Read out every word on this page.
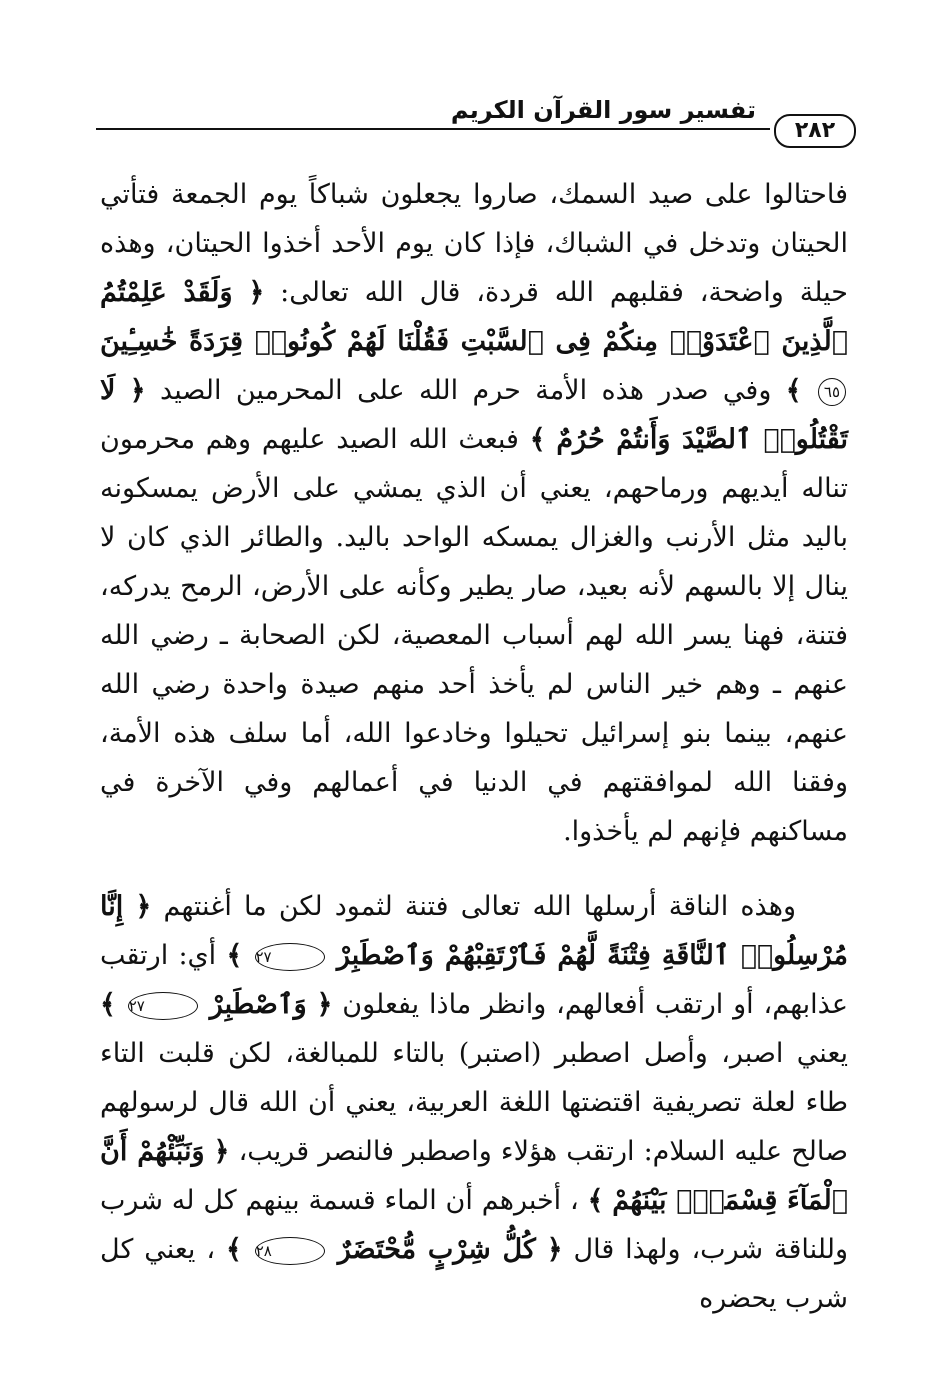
تفسير سور القرآن الكريم
٢٨٢

فاحتالوا على صيد السمك، صاروا يجعلون شباكاً يوم الجمعة فتأتي الحيتان وتدخل في الشباك، فإذا كان يوم الأحد أخذوا الحيتان، وهذه حيلة واضحة، فقلبهم الله قردة، قال الله تعالى: ﴿ وَلَقَدْ عَلِمْتُمُ ٱلَّذِينَ ٱعْتَدَوْا۟ مِنكُمْ فِى ٱلسَّبْتِ فَقُلْنَا لَهُمْ كُونُوا۟ قِرَدَةً خَٰسِـِٔينَ ٦٥ ﴾ وفي صدر هذه الأمة حرم الله على المحرمين الصيد ﴿ لَا تَقْتُلُوا۟ ٱلصَّيْدَ وَأَنتُمْ حُرُمٌ ﴾ فبعث الله الصيد عليهم وهم محرمون تناله أيديهم ورماحهم، يعني أن الذي يمشي على الأرض يمسكونه باليد مثل الأرنب والغزال يمسكه الواحد باليد. والطائر الذي كان لا ينال إلا بالسهم لأنه بعيد، صار يطير وكأنه على الأرض، الرمح يدركه، فتنة، فهنا يسر الله لهم أسباب المعصية، لكن الصحابة ـ رضي الله عنهم ـ وهم خير الناس لم يأخذ أحد منهم صيدة واحدة رضي الله عنهم، بينما بنو إسرائيل تحيلوا وخادعوا الله، أما سلف هذه الأمة، وفقنا الله لموافقتهم في الدنيا في أعمالهم وفي الآخرة في مساكنهم فإنهم لم يأخذوا.

وهذه الناقة أرسلها الله تعالى فتنة لثمود لكن ما أغنتهم ﴿ إِنَّا مُرْسِلُوا۟ ٱلنَّاقَةِ فِتْنَةً لَّهُمْ فَٱرْتَقِبْهُمْ وَٱصْطَبِرْ ٢٧ ﴾ أي: ارتقب عذابهم، أو ارتقب أفعالهم، وانظر ماذا يفعلون ﴿ وَٱصْطَبِرْ ٢٧ ﴾ يعني اصبر، وأصل اصطبر (اصتبر) بالتاء للمبالغة، لكن قلبت التاء طاء لعلة تصريفية اقتضتها اللغة العربية، يعني أن الله قال لرسولهم صالح عليه السلام: ارتقب هؤلاء واصطبر فالنصر قريب، ﴿ وَنَبِّئْهُمْ أَنَّ ٱلْمَآءَ قِسْمَةٌۢ بَيْنَهُمْ ﴾ ، أخبرهم أن الماء قسمة بينهم كل له شرب وللناقة شرب، ولهذا قال ﴿ كُلُّ شِرْبٍ مُّحْتَضَرٌ ٢٨ ﴾ ، يعني كل شرب يحضره
